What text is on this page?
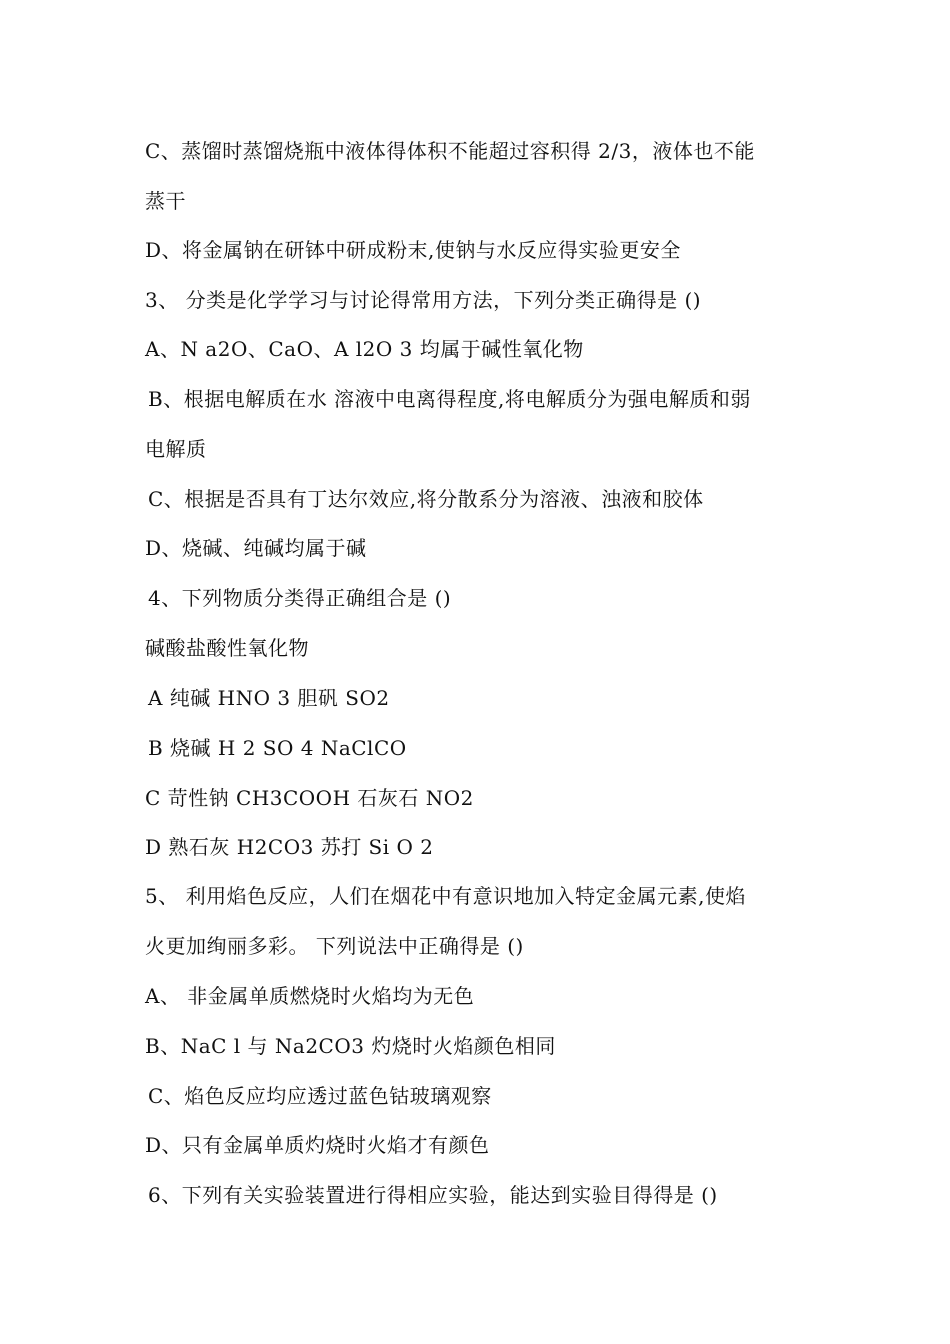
C、蒸馏时蒸馏烧瓶中液体得体积不能超过容积得 2/3，液体也不能
蒸干
D、将金属钠在研钵中研成粉末,使钠与水反应得实验更安全
3、 分类是化学学习与讨论得常用方法，下列分类正确得是 ()
A、N a2O、CaO、A l2O 3 均属于碱性氧化物
B、根据电解质在水 溶液中电离得程度,将电解质分为强电解质和弱
电解质
C、根据是否具有丁达尔效应,将分散系分为溶液、浊液和胶体
D、烧碱、纯碱均属于碱
4、下列物质分类得正确组合是 ()
碱酸盐酸性氧化物
A 纯碱 HNO 3 胆矾 SO2
B 烧碱 H 2 SO 4 NaClCO
C 苛性钠 CH3COOH 石灰石 NO2
D 熟石灰 H2CO3 苏打 Si O 2
5、 利用焰色反应，人们在烟花中有意识地加入特定金属元素,使焰
火更加绚丽多彩。 下列说法中正确得是 ()
A、 非金属单质燃烧时火焰均为无色
B、NaC l 与 Na2CO3 灼烧时火焰颜色相同
C、焰色反应均应透过蓝色钴玻璃观察
D、只有金属单质灼烧时火焰才有颜色
6、下列有关实验装置进行得相应实验，能达到实验目得得是 ()
